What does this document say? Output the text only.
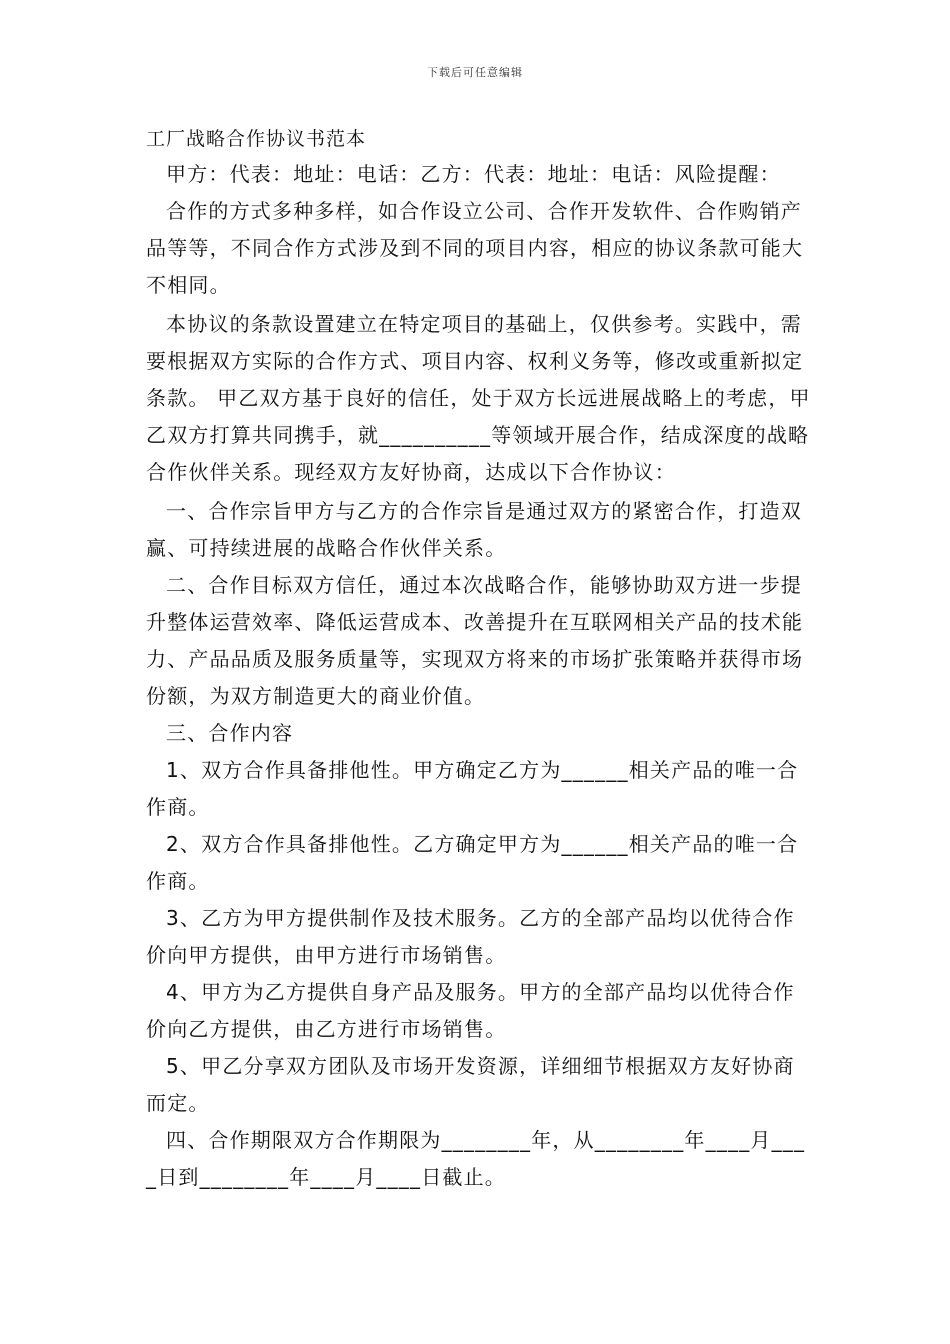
下载后可任意编辑
工厂战略合作协议书范本

甲方：代表：地址：电话：乙方：代表：地址：电话：风险提醒：

合作的方式多种多样，如合作设立公司、合作开发软件、合作购销产品等等，不同合作方式涉及到不同的项目内容，相应的协议条款可能大不相同。

本协议的条款设置建立在特定项目的基础上，仅供参考。实践中，需要根据双方实际的合作方式、项目内容、权利义务等，修改或重新拟定条款。 甲乙双方基于良好的信任，处于双方长远进展战略上的考虑，甲乙双方打算共同携手，就__________等领域开展合作，结成深度的战略合作伙伴关系。现经双方友好协商，达成以下合作协议：

一、合作宗旨甲方与乙方的合作宗旨是通过双方的紧密合作，打造双赢、可持续进展的战略合作伙伴关系。

二、合作目标双方信任，通过本次战略合作，能够协助双方进一步提升整体运营效率、降低运营成本、改善提升在互联网相关产品的技术能力、产品品质及服务质量等，实现双方将来的市场扩张策略并获得市场份额，为双方制造更大的商业价值。

三、合作内容

1、双方合作具备排他性。甲方确定乙方为______相关产品的唯一合作商。

2、双方合作具备排他性。乙方确定甲方为______相关产品的唯一合作商。

3、乙方为甲方提供制作及技术服务。乙方的全部产品均以优待合作价向甲方提供，由甲方进行市场销售。

4、甲方为乙方提供自身产品及服务。甲方的全部产品均以优待合作价向乙方提供，由乙方进行市场销售。

5、甲乙分享双方团队及市场开发资源，详细细节根据双方友好协商而定。

四、合作期限双方合作期限为________年，从________年____月____日到________年____月____日截止。
